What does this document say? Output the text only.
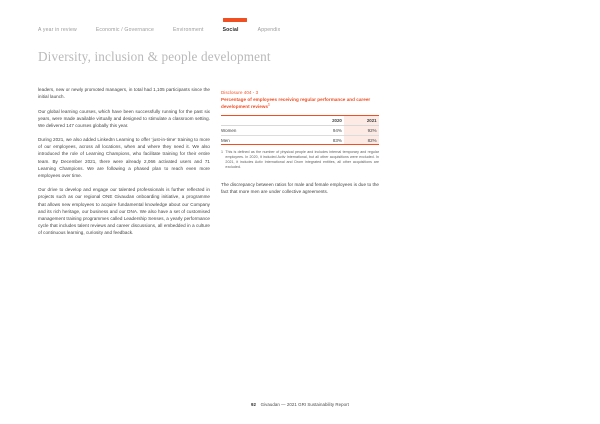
A year in review	Economic / Governance	Environment	Social	Appendix
Diversity, inclusion & people development

leaders, new or newly promoted managers, in total had 1,105 participants since the initial launch.

Our global learning courses, which have been successfully running for the past six years, were made available virtually and designed to stimulate a classroom setting. We delivered 147 courses globally this year.

During 2021, we also added LinkedIn Learning to offer ‘just-in-time’ training to more of our employees, across all locations, when and where they need it. We also introduced the role of Learning Champions, who facilitate training for their entire team. By December 2021, there were already 2,066 activated users and 71 Learning Champions. We are following a phased plan to reach even more employees over time.

Our drive to develop and engage our talented professionals is further reflected in projects such as our regional ONE Givaudan onboarding initiative, a programme that allows new employees to acquire fundamental knowledge about our Company and its rich heritage, our business and our DNA. We also have a set of customised management training programmes called Leadership Senses, a yearly performance cycle that includes talent reviews and career discussions, all embedded in a culture of continuous learning, curiosity and feedback.

Disclosure 404 - 3

Percentage of employees receiving regular performance and career development reviews$^1$

	2020	2021
Women	94%	92%
Men	83%	82%
1 This is defined as the number of physical people and includes internal temporary and regular employees. In 2020, it included Activ International, but all other acquisitions were excluded. In 2021, it includes Activ International and Drom integrated entities, all other acquisitions are excluded.

The discrepancy between ratios for male and female employees is due to the fact that more men are under collective agreements.

92 Givaudan — 2021 GRI Sustainability Report
